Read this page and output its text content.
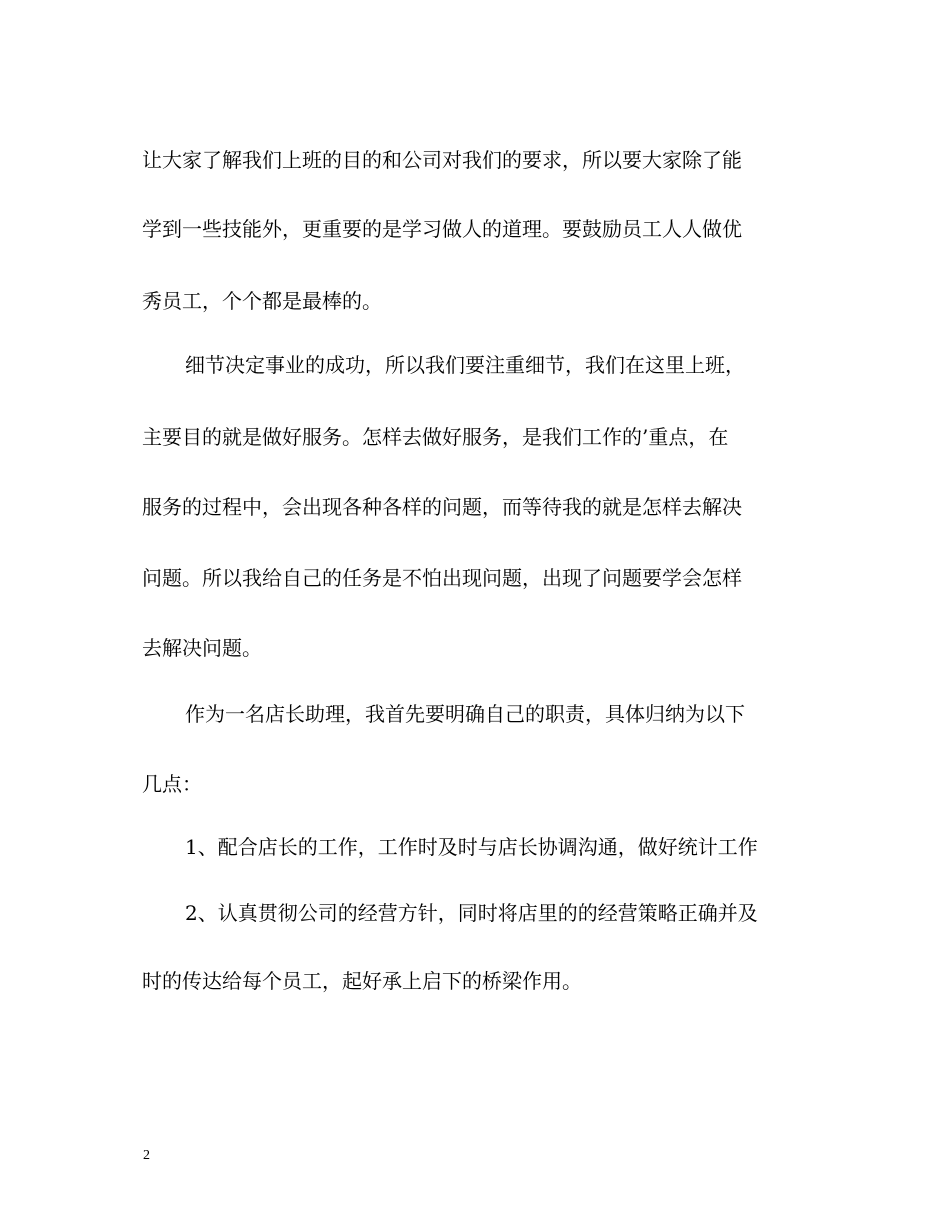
让大家了解我们上班的目的和公司对我们的要求，所以要大家除了能
学到一些技能外，更重要的是学习做人的道理。要鼓励员工人人做优
秀员工，个个都是最棒的。
细节决定事业的成功，所以我们要注重细节，我们在这里上班，
主要目的就是做好服务。怎样去做好服务，是我们工作的’重点，在
服务的过程中，会出现各种各样的问题，而等待我的就是怎样去解决
问题。所以我给自己的任务是不怕出现问题，出现了问题要学会怎样
去解决问题。
作为一名店长助理，我首先要明确自己的职责，具体归纳为以下
几点：
1、配合店长的工作，工作时及时与店长协调沟通，做好统计工作
2、认真贯彻公司的经营方针，同时将店里的的经营策略正确并及
时的传达给每个员工，起好承上启下的桥梁作用。
2
